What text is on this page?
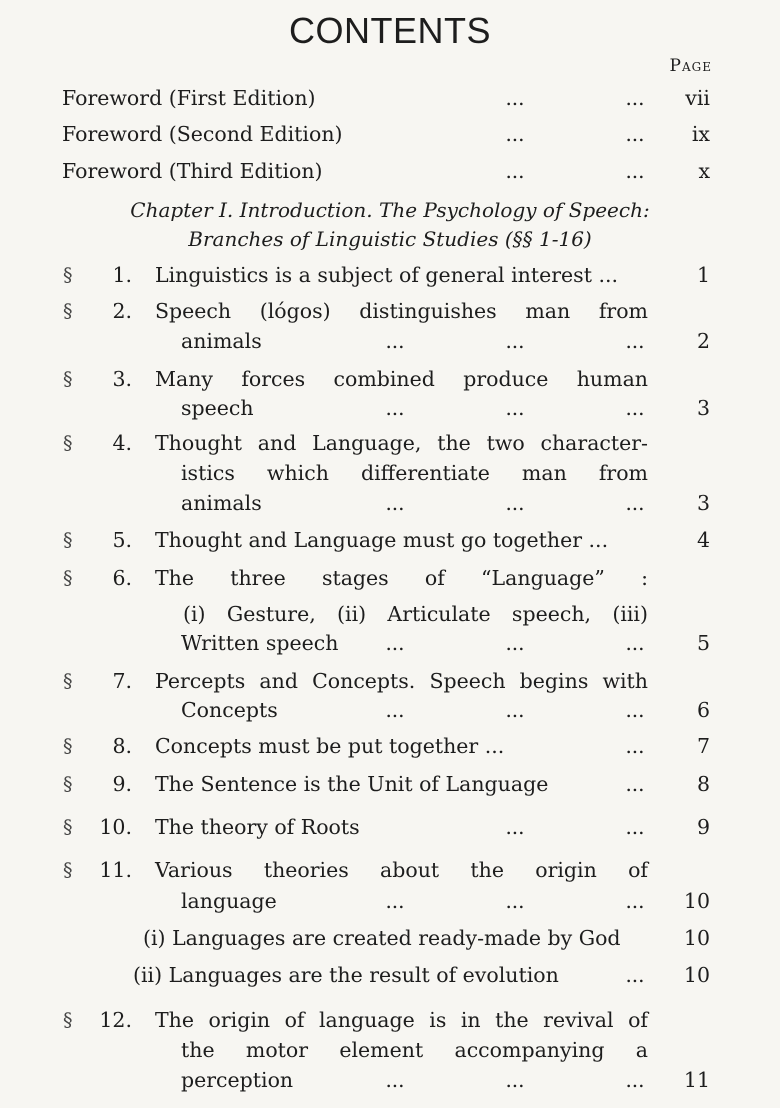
CONTENTS
Page
Chapter I. Introduction. The Psychology of Speech:
Branches of Linguistic Studies (§§ 1-16)
Foreword (First Edition)	...	...	vii
Foreword (Second Edition)	...	...	ix
Foreword (Third Edition)	...	...	x
§	1. Linguistics is a subject of general interest ...	1
§	2. Speech (lógos) distinguishes man from
animals	...	...	...	2
§	3. Many forces combined produce human
speech	...	...	...	3
§	4. Thought and Language, the two character-
istics which differentiate man from
animals	...	...	...	3
§	5. Thought and Language must go together ...	4
§	6. The three stages of “Language” :
(i) Gesture, (ii) Articulate speech, (iii)
Written speech	...	...	...	5
§	7. Percepts and Concepts. Speech begins with
Concepts	...	...	...	6
§	8. Concepts must be put together ...	...	7
§	9. The Sentence is the Unit of Language	...	8
§	10. The theory of Roots	...	...	9
§	11. Various theories about the origin of
language	...	...	...	10
(i) Languages are created ready-made by God	10
(ii) Languages are the result of evolution	...	10
§	12. The origin of language is in the revival of
the motor element accompanying a
perception	...	...	...	11
